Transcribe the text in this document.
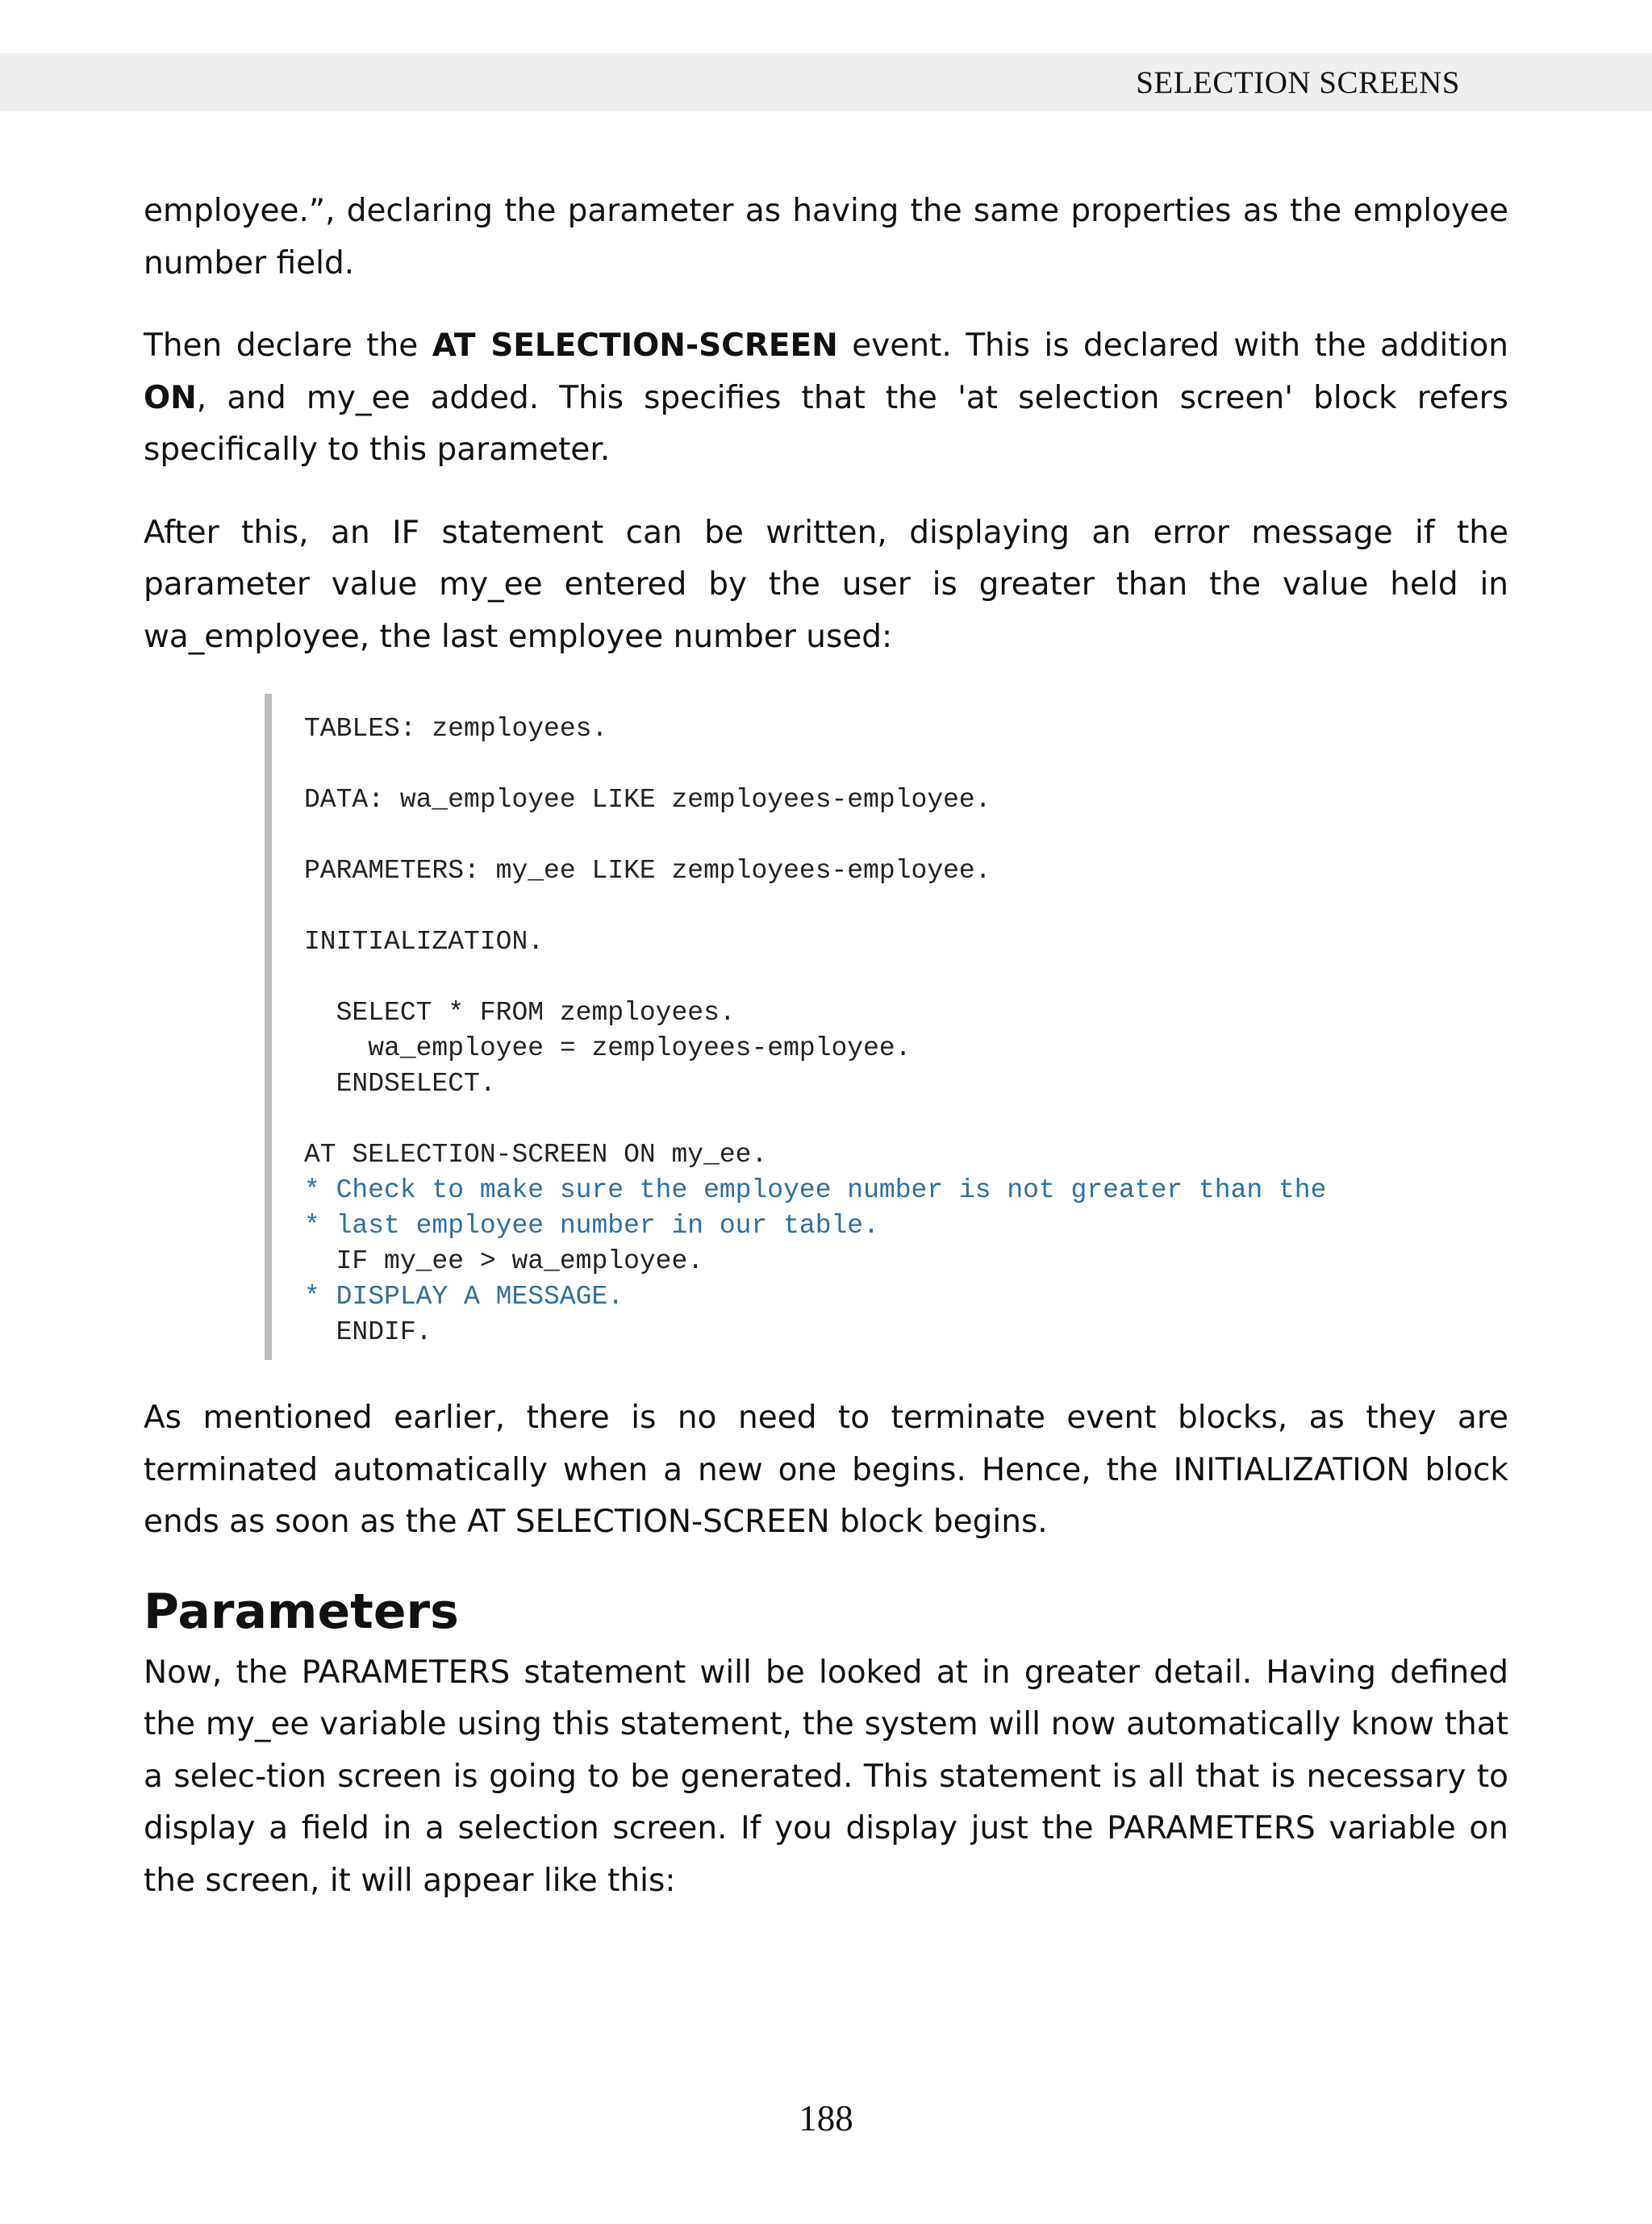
SELECTION SCREENS

employee.”, declaring the parameter as having the same properties as the employee number field.

Then declare the AT SELECTION-SCREEN event. This is declared with the addition ON, and my_ee added. This specifies that the 'at selection screen' block refers specifically to this parameter.

After this, an IF statement can be written, displaying an error message if the parameter value my_ee entered by the user is greater than the value held in wa_employee, the last employee number used:

TABLES: zemployees.
DATA: wa_employee LIKE zemployees-employee.
PARAMETERS: my_ee LIKE zemployees-employee.
INITIALIZATION.
SELECT * FROM zemployees.
wa_employee = zemployees-employee.
ENDSELECT.
AT SELECTION-SCREEN ON my_ee.
* Check to make sure the employee number is not greater than the
* last employee number in our table.
IF my_ee > wa_employee.
* DISPLAY A MESSAGE.
ENDIF.

As mentioned earlier, there is no need to terminate event blocks, as they are terminated automatically when a new one begins. Hence, the INITIALIZATION block ends as soon as the AT SELECTION-SCREEN block begins.

Parameters

Now, the PARAMETERS statement will be looked at in greater detail. Having defined the my_ee variable using this statement, the system will now automatically know that a selec-tion screen is going to be generated. This statement is all that is necessary to display a field in a selection screen. If you display just the PARAMETERS variable on the screen, it will appear like this:

188
